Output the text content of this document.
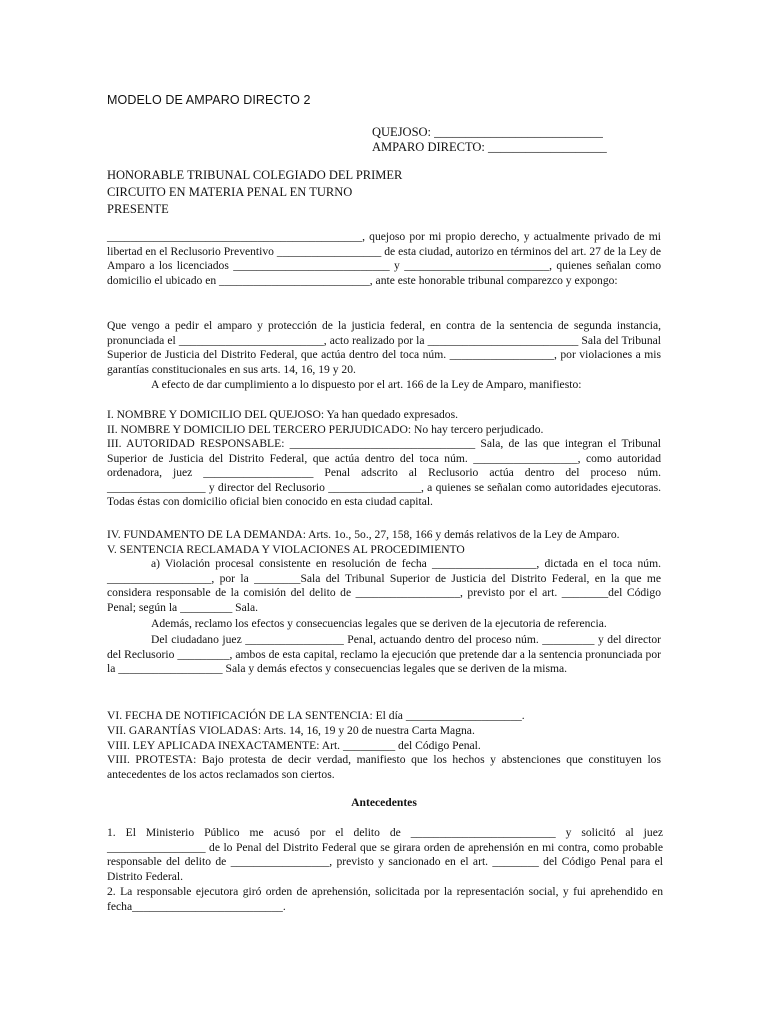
MODELO DE AMPARO DIRECTO 2
QUEJOSO: ___________________________
AMPARO DIRECTO: ___________________
HONORABLE TRIBUNAL COLEGIADO DEL PRIMER
CIRCUITO EN MATERIA PENAL EN TURNO
PRESENTE
____________________________________________, quejoso por mi propio derecho, y actualmente privado de mi libertad en el Reclusorio Preventivo __________________ de esta ciudad, autorizo en términos del art. 27 de la Ley de Amparo a los licenciados ___________________________ y _________________________, quienes señalan como domicilio el ubicado en __________________________, ante este honorable tribunal comparezco y expongo:
Que vengo a pedir el amparo y protección de la justicia federal, en contra de la sentencia de segunda instancia, pronunciada el _________________________, acto realizado por la __________________________ Sala del Tribunal Superior de Justicia del Distrito Federal, que actúa dentro del toca núm. __________________, por violaciones a mis garantías constitucionales en sus arts. 14, 16, 19 y 20.
A efecto de dar cumplimiento a lo dispuesto por el art. 166 de la Ley de Amparo, manifiesto:
I. NOMBRE Y DOMICILIO DEL QUEJOSO: Ya han quedado expresados.
II. NOMBRE Y DOMICILIO DEL TERCERO PERJUDICADO: No hay tercero perjudicado.
III. AUTORIDAD RESPONSABLE: ________________________________ Sala, de las que integran el Tribunal Superior de Justicia del Distrito Federal, que actúa dentro del toca núm. __________________, como autoridad ordenadora, juez ___________________ Penal adscrito al Reclusorio actúa dentro del proceso núm. _________________ y director del Reclusorio ________________, a quienes se señalan como autoridades ejecutoras. Todas éstas con domicilio oficial bien conocido en esta ciudad capital.
IV. FUNDAMENTO DE LA DEMANDA: Arts. 1o., 5o., 27, 158, 166 y demás relativos de la Ley de Amparo.
V. SENTENCIA RECLAMADA Y VIOLACIONES AL PROCEDIMIENTO
a) Violación procesal consistente en resolución de fecha __________________, dictada en el toca núm. __________________, por la ________Sala del Tribunal Superior de Justicia del Distrito Federal, en la que me considera responsable de la comisión del delito de __________________, previsto por el art. ________del Código Penal; según la _________ Sala.
Además, reclamo los efectos y consecuencias legales que se deriven de la ejecutoria de referencia.
Del ciudadano juez _________________ Penal, actuando dentro del proceso núm. _________ y del director del Reclusorio _________, ambos de esta capital, reclamo la ejecución que pretende dar a la sentencia pronunciada por la __________________ Sala y demás efectos y consecuencias legales que se deriven de la misma.
VI. FECHA DE NOTIFICACIÓN DE LA SENTENCIA: El día ____________________.
VII. GARANTÍAS VIOLADAS: Arts. 14, 16, 19 y 20 de nuestra Carta Magna.
VIII. LEY APLICADA INEXACTAMENTE: Art. _________ del Código Penal.
VIII. PROTESTA: Bajo protesta de decir verdad, manifiesto que los hechos y abstenciones que constituyen los antecedentes de los actos reclamados son ciertos.
Antecedentes
1. El Ministerio Público me acusó por el delito de _________________________ y solicitó al juez _________________ de lo Penal del Distrito Federal que se girara orden de aprehensión en mi contra, como probable responsable del delito de _________________, previsto y sancionado en el art. ________ del Código Penal para el Distrito Federal.
2. La responsable ejecutora giró orden de aprehensión, solicitada por la representación social, y fui aprehendido en fecha__________________________.
